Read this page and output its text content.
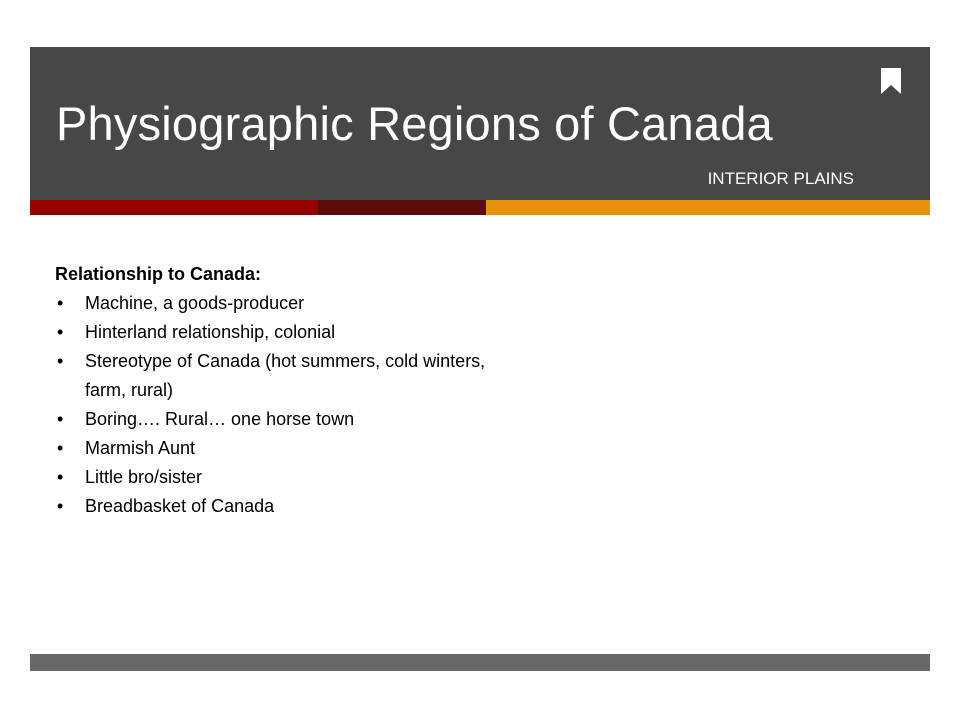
Physiographic Regions of Canada

INTERIOR PLAINS

Relationship to Canada:

•	Machine, a goods-producer
•	Hinterland relationship, colonial
•	Stereotype of Canada (hot summers, cold winters, farm, rural)
•	Boring…. Rural… one horse town
•	Marmish Aunt
•	Little bro/sister
•	Breadbasket of Canada
